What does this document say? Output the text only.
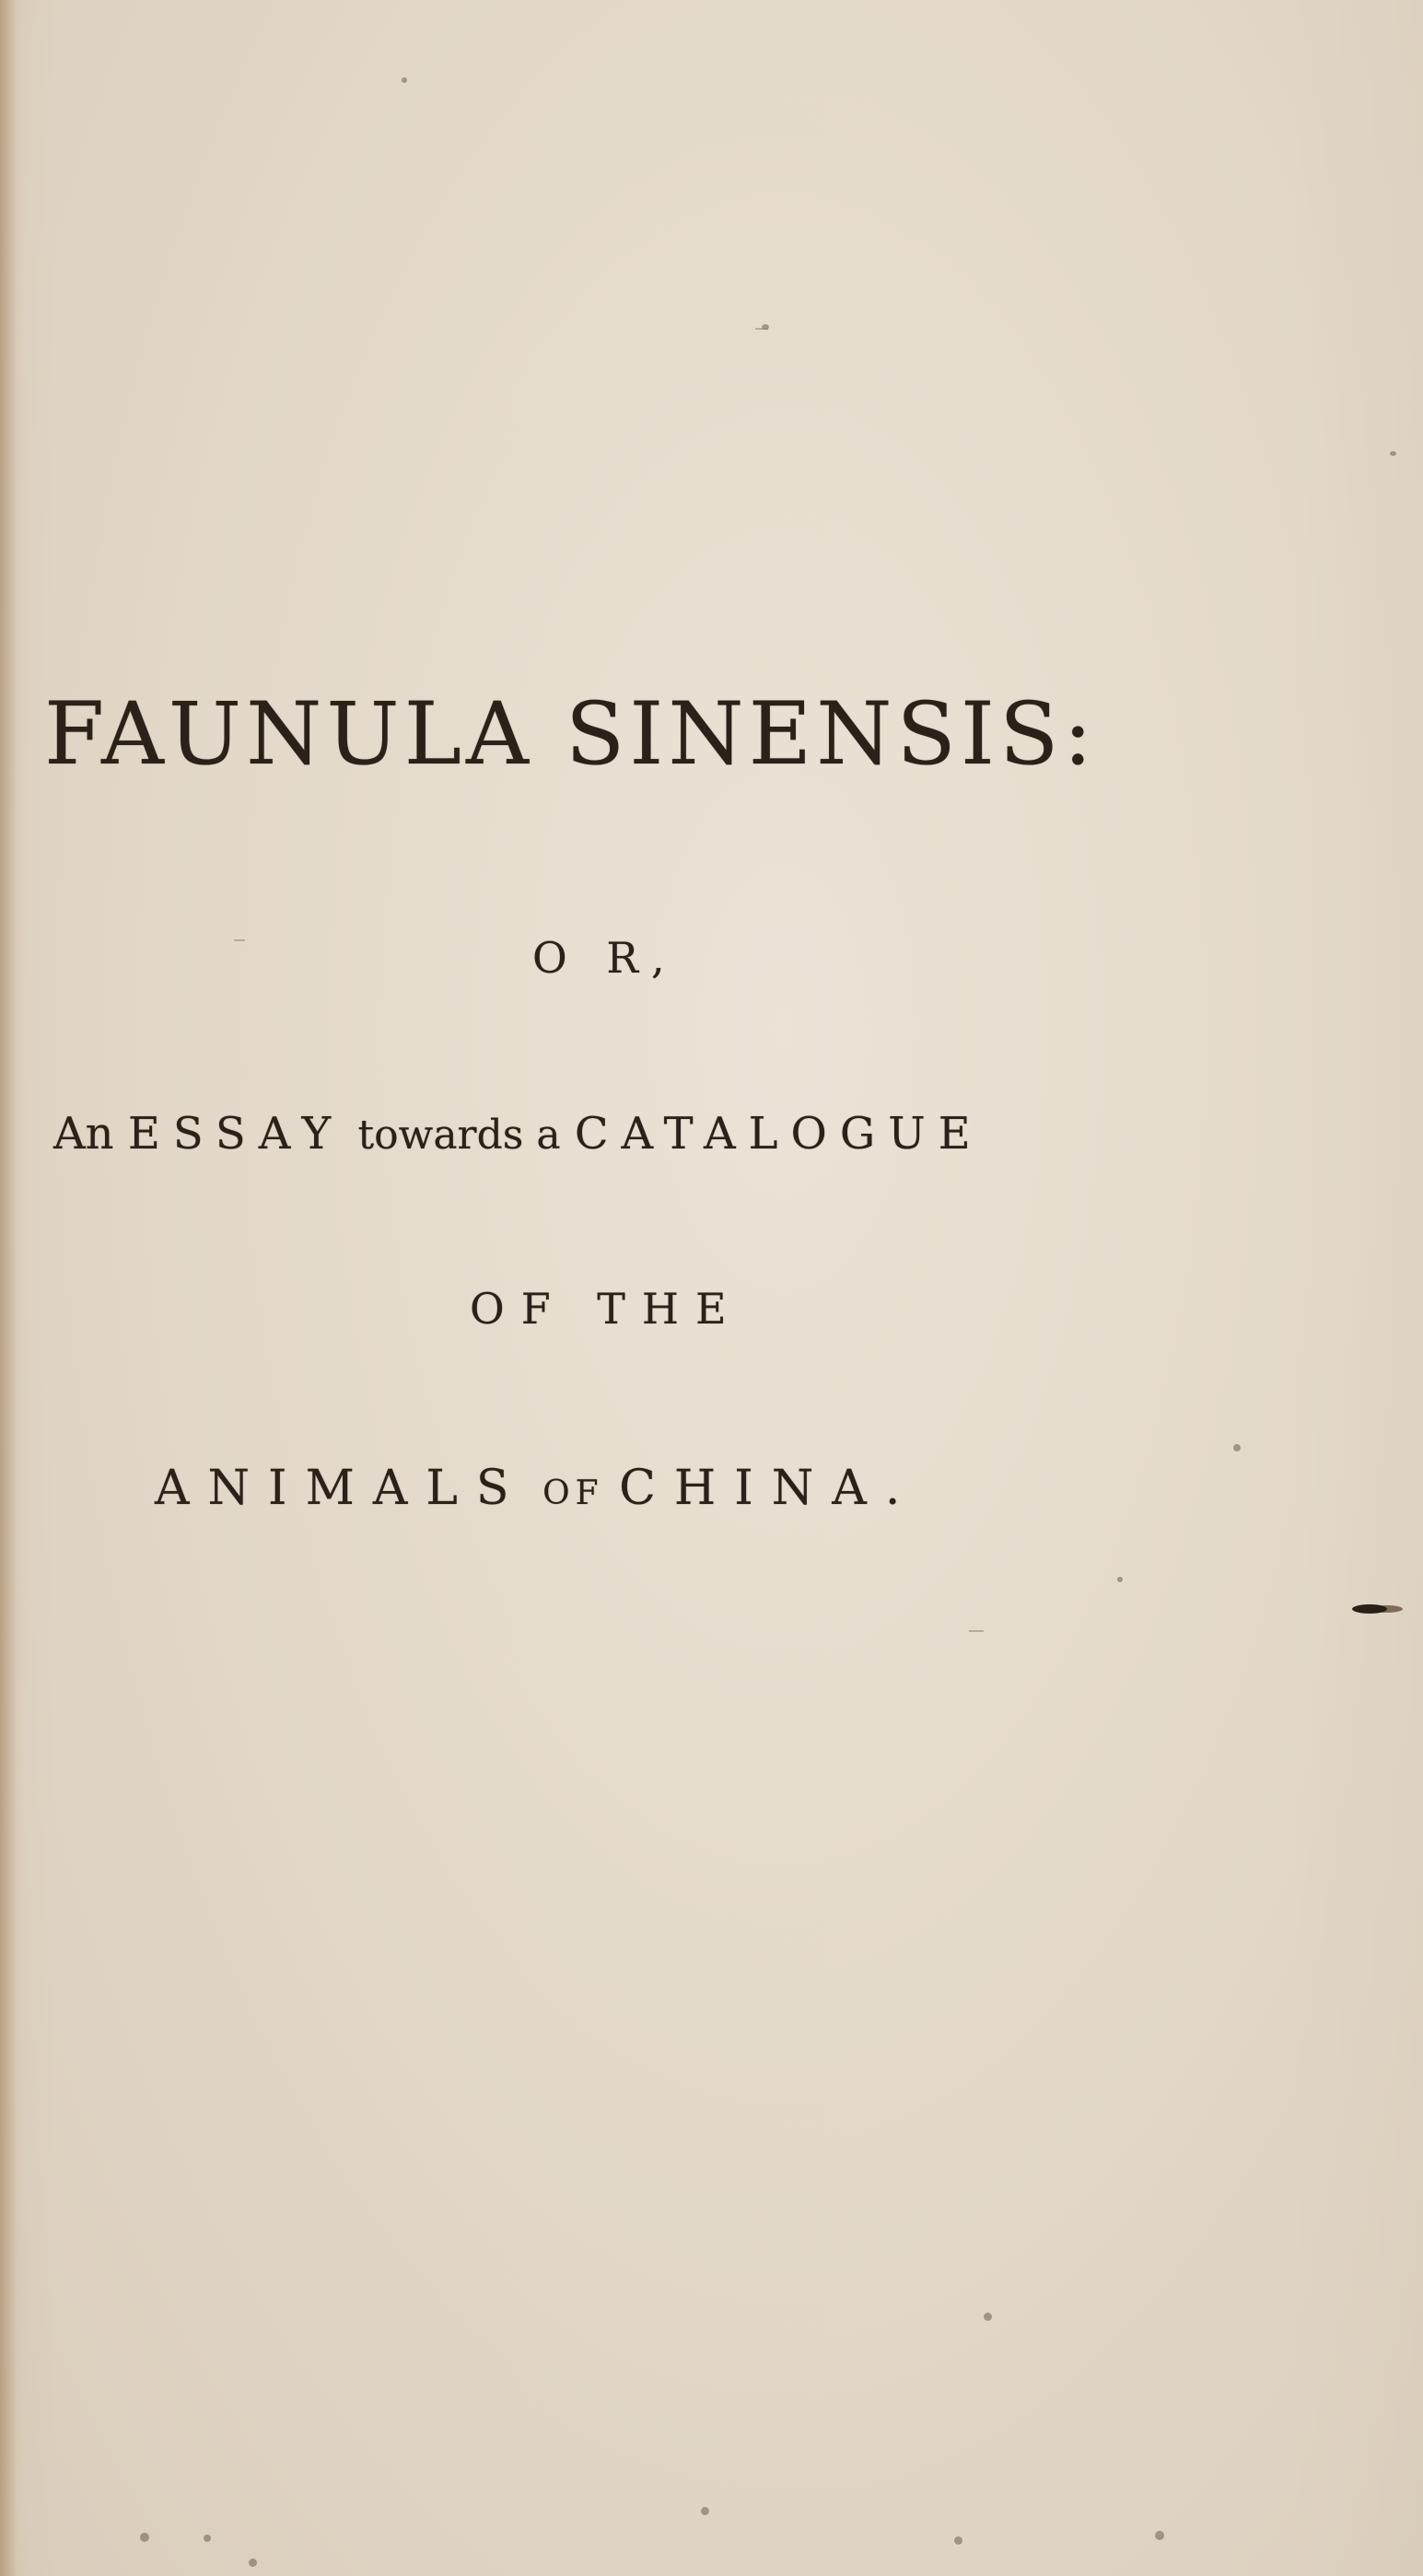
FAUNULA SINENSIS:
O R,
An ESSAY towards a CATALOGUE
OF THE
ANIMALS OF CHINA.
